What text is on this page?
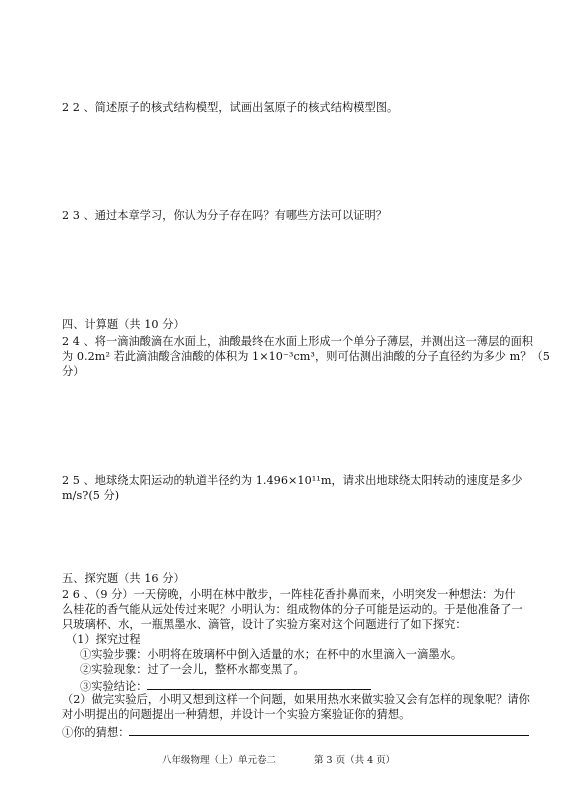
2 2 、简述原子的核式结构模型，试画出氢原子的核式结构模型图。
2 3 、通过本章学习，你认为分子存在吗？有哪些方法可以证明？
四、计算题（共 10 分）
2 4 、将一滴油酸滴在水面上，油酸最终在水面上形成一个单分子薄层，并测出这一薄层的面积
为 0.2m² 若此滴油酸含油酸的体积为 1×10⁻³cm³，则可估测出油酸的分子直径约为多少 m？（5
分）
2 5 、地球绕太阳运动的轨道半径约为 1.496×10¹¹m，请求出地球绕太阳转动的速度是多少
m/s?(5 分)
五、探究题（共 16 分）
2 6 、（9 分）一天傍晚，小明在林中散步，一阵桂花香扑鼻而来，小明突发一种想法：为什
么桂花的香气能从远处传过来呢？小明认为：组成物体的分子可能是运动的。于是他准备了一
只玻璃杯、水，一瓶黑墨水、滴管，设计了实验方案对这个问题进行了如下探究：
（1）探究过程
①实验步骤：小明将在玻璃杯中倒入适量的水；在杯中的水里滴入一滴墨水。
②实验现象：过了一会儿，整杯水都变黑了。
③实验结论：
（2）做完实验后，小明又想到这样一个问题，如果用热水来做实验又会有怎样的现象呢？请你
对小明提出的问题提出一种猜想，并设计一个实验方案验证你的猜想。
①你的猜想：
八年级物理（上）单元卷二	第 3 页（共 4 页）
